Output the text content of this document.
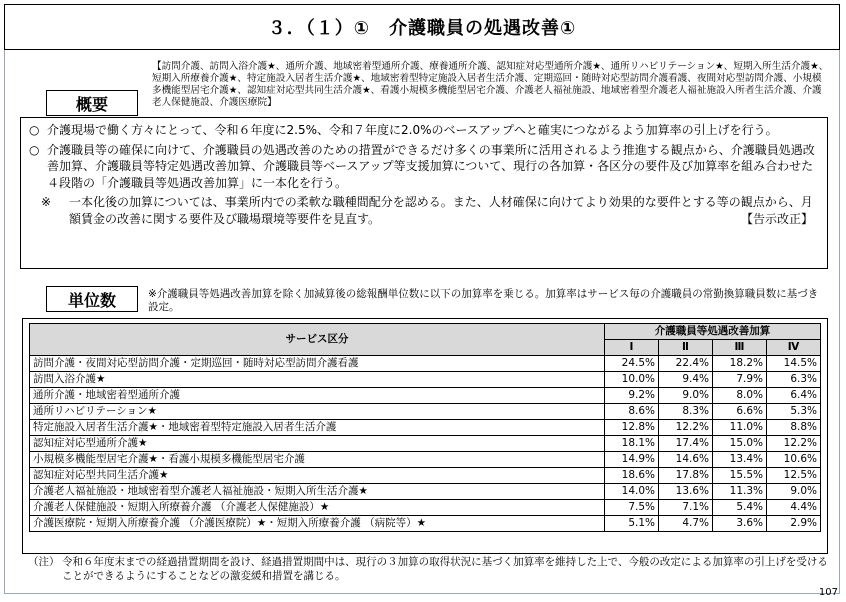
３．（１）①　介護職員の処遇改善①
【訪問介護、訪問入浴介護★、通所介護、地域密着型通所介護、療養通所介護、認知症対応型通所介護★、通所リハビリテーション★、短期入所生活介護★、短期入所療養介護★、特定施設入居者生活介護★、地域密着型特定施設入居者生活介護、定期巡回・随時対応型訪問介護看護、夜間対応型訪問介護、小規模多機能型居宅介護★、認知症対応型共同生活介護★、看護小規模多機能型居宅介護、介護老人福祉施設、地域密着型介護老人福祉施設入所者生活介護、介護老人保健施設、介護医療院】
概要
○ 介護現場で働く方々にとって、令和６年度に2.5%、令和７年度に2.0%のベースアップへと確実につながるよう加算率の引上げを行う。
○ 介護職員等の確保に向けて、介護職員の処遇改善のための措置ができるだけ多くの事業所に活用されるよう推進する観点から、介護職員処遇改善加算、介護職員等特定処遇改善加算、介護職員等ベースアップ等支援加算について、現行の各加算・各区分の要件及び加算率を組み合わせた４段階の「介護職員等処遇改善加算」に一本化を行う。
※	一本化後の加算については、事業所内での柔軟な職種間配分を認める。また、人材確保に向けてより効果的な要件とする等の観点から、月額賃金の改善に関する要件及び職場環境等要件を見直す。	【告示改正】
単位数	※介護職員等処遇改善加算を除く加減算後の総報酬単位数に以下の加算率を乗じる。加算率はサービス毎の介護職員の常勤換算職員数に基づき設定。
サービス区分	介護職員等処遇改善加算			
	Ⅰ	Ⅱ	Ⅲ	Ⅳ
訪問介護・夜間対応型訪問介護・定期巡回・随時対応型訪問介護看護	24.5%	22.4%	18.2%	14.5%
訪問入浴介護★	10.0%	9.4%	7.9%	6.3%
通所介護・地域密着型通所介護	9.2%	9.0%	8.0%	6.4%
通所リハビリテーション★	8.6%	8.3%	6.6%	5.3%
特定施設入居者生活介護★・地域密着型特定施設入居者生活介護	12.8%	12.2%	11.0%	8.8%
認知症対応型通所介護★	18.1%	17.4%	15.0%	12.2%
小規模多機能型居宅介護★・看護小規模多機能型居宅介護	14.9%	14.6%	13.4%	10.6%
認知症対応型共同生活介護★	18.6%	17.8%	15.5%	12.5%
介護老人福祉施設・地域密着型介護老人福祉施設・短期入所生活介護★	14.0%	13.6%	11.3%	9.0%
介護老人保健施設・短期入所療養介護 （介護老人保健施設）★	7.5%	7.1%	5.4%	4.4%
介護医療院・短期入所療養介護 （介護医療院）★・短期入所療養介護 （病院等）★	5.1%	4.7%	3.6%	2.9%
（注） 令和６年度末までの経過措置期間を設け、経過措置期間中は、現行の３加算の取得状況に基づく加算率を維持した上で、今般の改定による加算率の引上げを受けることができるようにすることなどの激変緩和措置を講じる。
107
